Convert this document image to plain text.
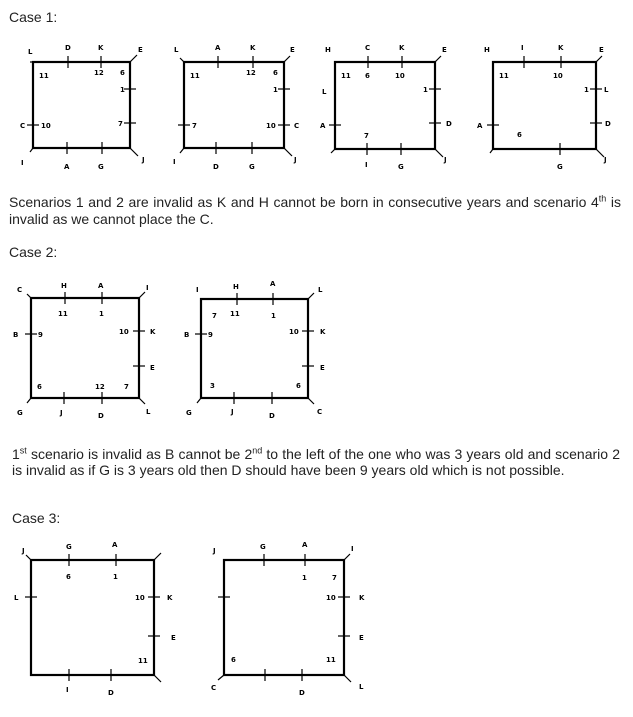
Case 1:
Scenarios 1 and 2 are invalid as K and H cannot be born in consecutive years and scenario 4th is invalid as we cannot place the C.
Case 2:
1st scenario is invalid as B cannot be 2nd to the left of the one who was 3 years old and scenario 2 is invalid as if G is 3 years old then D should have been 9 years old which is not possible.
Case 3:
L	D	K	E
C
I	A	G
J
11	12 6
1
10	7
L	A	K	E
C
I
D	G
J
11	12 6
1
7	10
H	C	K	E
L
A	D
I	G
J
11 6	10
1
7
H	I	K	E
A
L
D
G
J
11	10
1
6
C	H	A	I
B	K
E
G	J	D	L
11	1
9	10
6	12	7
I	H	A
L
B	K
E
G	J	D	C
7 11	1
9	10
3	6
J	G	A
L	K
E
I	D
6	1
10
11
J	G	A	I
K
E
C
D
L
1	7
10
6	11
